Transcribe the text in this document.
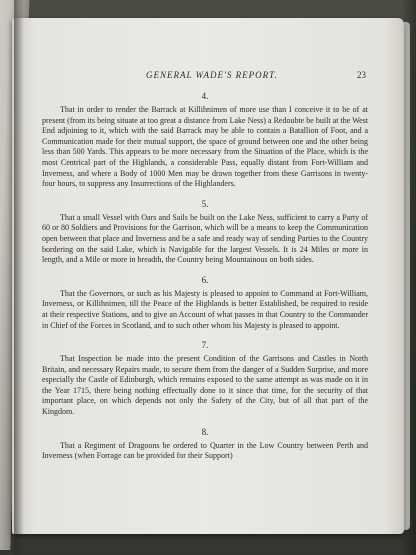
GENERAL WADE'S REPORT.	23
4.

That in order to render the Barrack at Killihnimen of more use than I conceive it to be of at present (from its being situate at too great a distance from Lake Ness) a Redoubte be built at the West End adjoining to it, which with the said Barrack may be able to contain a Batallion of Foot, and a Communication made for their mutual support, the space of ground between one and the other being less than 500 Yards. This appears to be more necessary from the Situation of the Place, which is the most Centrical part of the Highlands, a considerable Pass, equally distant from Fort-William and Inverness, and where a Body of 1000 Men may be drawn together from these Garrisons in twenty-four hours, to suppress any Insurrections of the Highlanders.

5.

That a small Vessel with Oars and Sails be built on the Lake Ness, sufficient to carry a Party of 60 or 80 Soldiers and Provisions for the Garrison, which will be a means to keep the Communication open between that place and Inverness and be a safe and ready way of sending Parties to the Country bordering on the said Lake, which is Navigable for the largest Vessels. It is 24 Miles or more in length, and a Mile or more in breadth, the Country being Mountainous on both sides.

6.

That the Governors, or such as his Majesty is pleased to appoint to Command at Fort-William, Inverness, or Killihnimen, till the Peace of the Highlands is better Established, be required to reside at their respective Stations, and to give an Account of what passes in that Country to the Commander in Chief of the Forces in Scotland, and to such other whom his Majesty is pleased to appoint.

7.

That Inspection be made into the present Condition of the Garrisons and Castles in North Britain, and necessary Repairs made, to secure them from the danger of a Sudden Surprise, and more especially the Castle of Edinburgh, which remains exposed to the same attempt as was made on it in the Year 1715, there being nothing effectually done to it since that time, for the security of that important place, on which depends not only the Safety of the City, but of all that part of the Kingdom.

8.

That a Regiment of Dragoons be ordered to Quarter in the Low Country between Perth and Inverness (when Forrage can be provided for their Support)
